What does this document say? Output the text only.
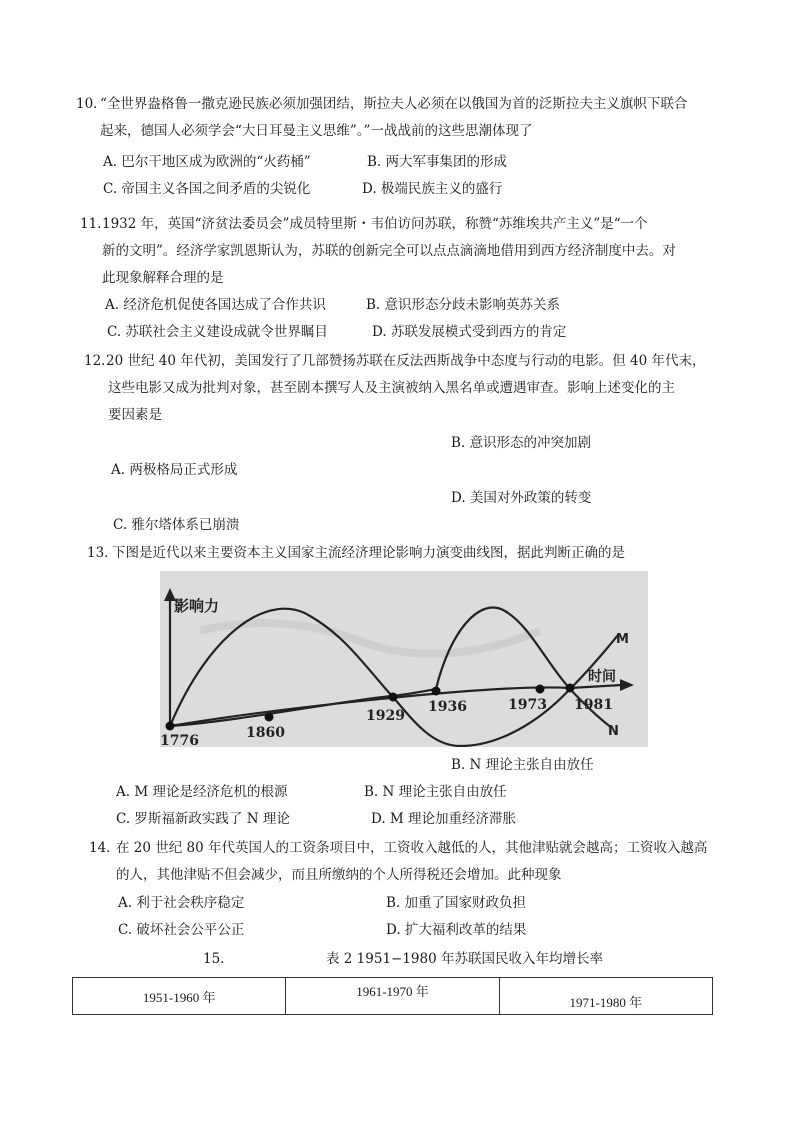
10．
“全世界盎格鲁一撒克逊民族必须加强团结，斯拉夫人必须在以俄国为首的泛斯拉夫主义旗帜下联合
起来，德国人必须学会“大日耳曼主义思维”。”一战战前的这些思潮体现了
A. 巴尔干地区成为欧洲的“火药桶”	B. 两大军事集团的形成
C. 帝国主义各国之间矛盾的尖锐化	D. 极端民族主义的盛行
11. 1932 年，英国“济贫法委员会”成员特里斯・韦伯访问苏联，称赞“苏维埃共产主义”是“一个
新的文明”。经济学家凯恩斯认为，苏联的创新完全可以点点滴滴地借用到西方经济制度中去。对
此现象解释合理的是
A. 经济危机促使各国达成了合作共识	B. 意识形态分歧未影响英苏关系
C. 苏联社会主义建设成就令世界瞩目	D. 苏联发展模式受到西方的肯定
12. 20 世纪 40 年代初，美国发行了几部赞扬苏联在反法西斯战争中态度与行动的电影。但 40 年代末，
这些电影又成为批判对象，甚至剧本撰写人及主演被纳入黑名单或遭遇审查。影响上述变化的主
要因素是
B. 意识形态的冲突加剧
A. 两极格局正式形成
D. 美国对外政策的转变
C. 雅尔塔体系已崩溃
13．
下图是近代以来主要资本主义国家主流经济理论影响力演变曲线图，据此判断正确的是
影响力
时间
M
N
1776	1860
1929
1936	1973 1981
B. N 理论主张自由放任
A. M 理论是经济危机的根源	B. N 理论主张自由放任
C. 罗斯福新政实践了 N 理论	D. M 理论加重经济滞胀
14．
在 20 世纪 80 年代英国人的工资条项目中，工资收入越低的人，其他津贴就会越高；工资收入越高
的人，其他津贴不但会减少，而且所缴纳的个人所得税还会增加。此种现象
A. 利于社会秩序稳定	B. 加重了国家财政负担
C. 破坏社会公平公正	D. 扩大福利改革的结果
15.	表 2 1951−1980 年苏联国民收入年均增长率
1951-1960 年	1961-1970 年	1971-1980 年
